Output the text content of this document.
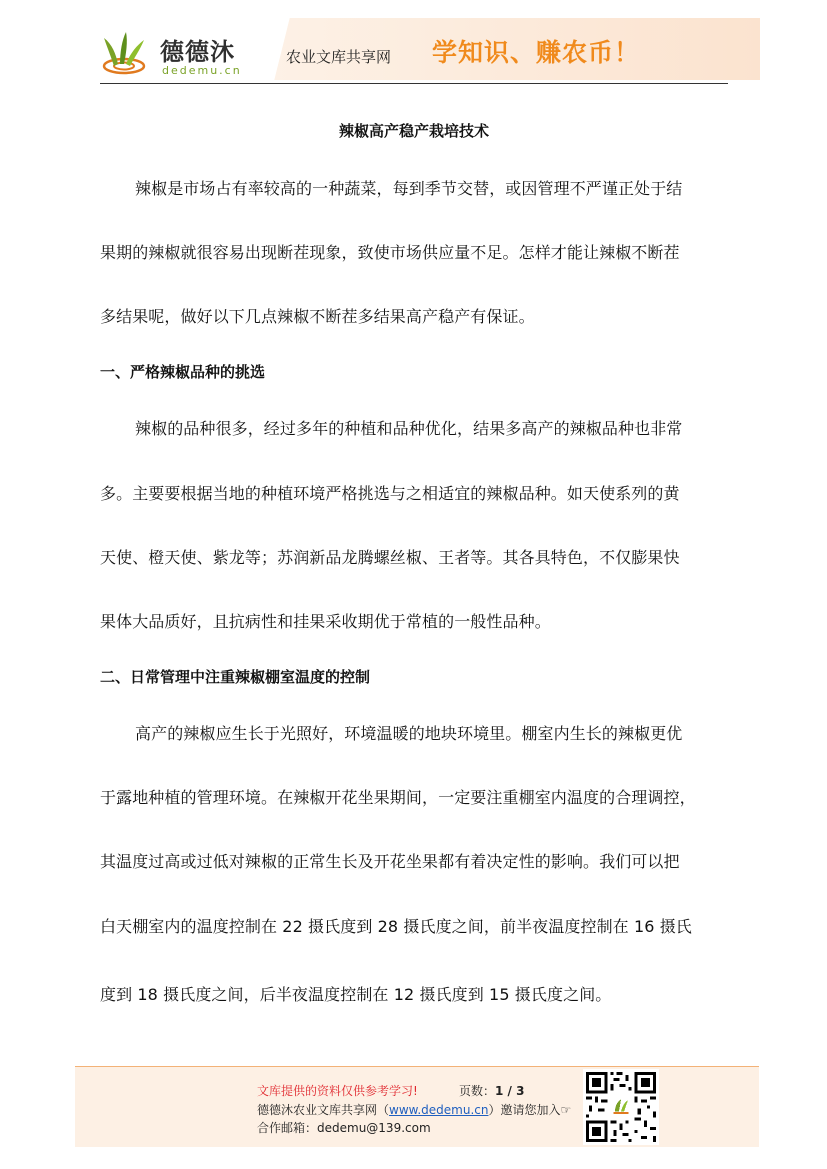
德德沐
dedemu.cn
农业文库共享网 学知识、赚农币！
辣椒高产稳产栽培技术
辣椒是市场占有率较高的一种蔬菜，每到季节交替，或因管理不严谨正处于结
果期的辣椒就很容易出现断茬现象，致使市场供应量不足。怎样才能让辣椒不断茬
多结果呢，做好以下几点辣椒不断茬多结果高产稳产有保证。
一、严格辣椒品种的挑选
辣椒的品种很多，经过多年的种植和品种优化，结果多高产的辣椒品种也非常
多。主要要根据当地的种植环境严格挑选与之相适宜的辣椒品种。如天使系列的黄
天使、橙天使、紫龙等；苏润新品龙腾螺丝椒、王者等。其各具特色，不仅膨果快
果体大品质好，且抗病性和挂果采收期优于常植的一般性品种。
二、日常管理中注重辣椒棚室温度的控制
高产的辣椒应生长于光照好，环境温暖的地块环境里。棚室内生长的辣椒更优
于露地种植的管理环境。在辣椒开花坐果期间，一定要注重棚室内温度的合理调控，
其温度过高或过低对辣椒的正常生长及开花坐果都有着决定性的影响。我们可以把
白天棚室内的温度控制在 22 摄氏度到 28 摄氏度之间，前半夜温度控制在 16 摄氏
度到 18 摄氏度之间，后半夜温度控制在 12 摄氏度到 15 摄氏度之间。
文库提供的资料仅供参考学习!	页数：1 / 3
德德沐农业文库共享网（www.dedemu.cn）邀请您加入☞
合作邮箱：dedemu@139.com
